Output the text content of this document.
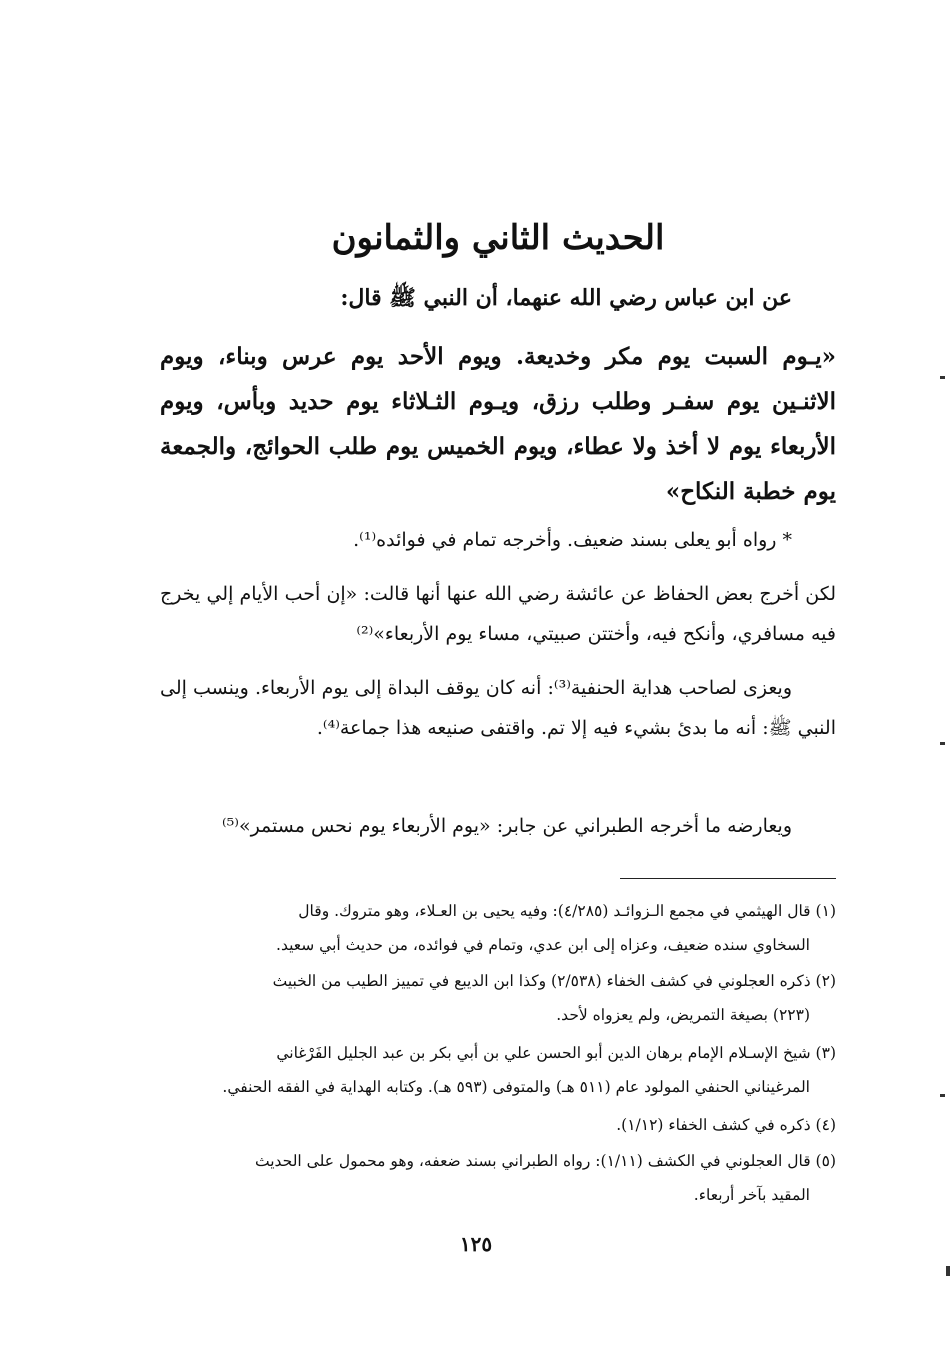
الحديث الثاني والثمانون
عن ابن عباس رضي الله عنهما، أن النبي ﷺ قال:
«يـوم السبت يوم مكر وخديعة. ويوم الأحد يوم عرس وبناء، ويوم الاثنـين يوم سفـر وطلب رزق، ويـوم الثـلاثاء يوم حديد وبأس، ويوم الأربعاء يوم لا أخذ ولا عطاء، ويوم الخميس يوم طلب الحوائج، والجمعة يوم خطبة النكاح»
* رواه أبو يعلى بسند ضعيف. وأخرجه تمام في فوائده⁽¹⁾.
لكن أخرج بعض الحفاظ عن عائشة رضي الله عنها أنها قالت: «إن أحب الأيام إلي يخرج فيه مسافري، وأنكح فيه، وأختتن صبيتي، مساء يوم الأربعاء»⁽²⁾
ويعزى لصاحب هداية الحنفية⁽³⁾: أنه كان يوقف البداة إلى يوم الأربعاء. وينسب إلى النبي ﷺ: أنه ما بدئ بشيء فيه إلا تم. واقتفى صنيعه هذا جماعة⁽⁴⁾.
ويعارضه ما أخرجه الطبراني عن جابر: «يوم الأربعاء يوم نحس مستمر»⁽⁵⁾
(١) قال الهيثمي في مجمع الـزوائـد (٤/٢٨٥): وفيه يحيى بن العـلاء، وهو متروك. وقال
السخاوي سنده ضعيف، وعزاه إلى ابن عدي، وتمام في فوائده، من حديث أبي سعيد.
(٢) ذكره العجلوني في كشف الخفاء (٢/٥٣٨) وكذا ابن الديبع في تمييز الطيب من الخبيث
(٢٢٣) بصيغة التمريض، ولم يعزواه لأحد.
(٣) شيخ الإسـلام الإمام برهان الدين أبو الحسن علي بن أبي بكر بن عبد الجليل الفَرْغاني
المرغيناني الحنفي المولود عام (٥١١ هـ) والمتوفى (٥٩٣ هـ). وكتابه الهداية في الفقه الحنفي.
(٤) ذكره في كشف الخفاء (١/١٢).
(٥) قال العجلوني في الكشف (١/١١): رواه الطبراني بسند ضعفه، وهو محمول على الحديث
المقيد بآخر أربعاء.
١٢٥
